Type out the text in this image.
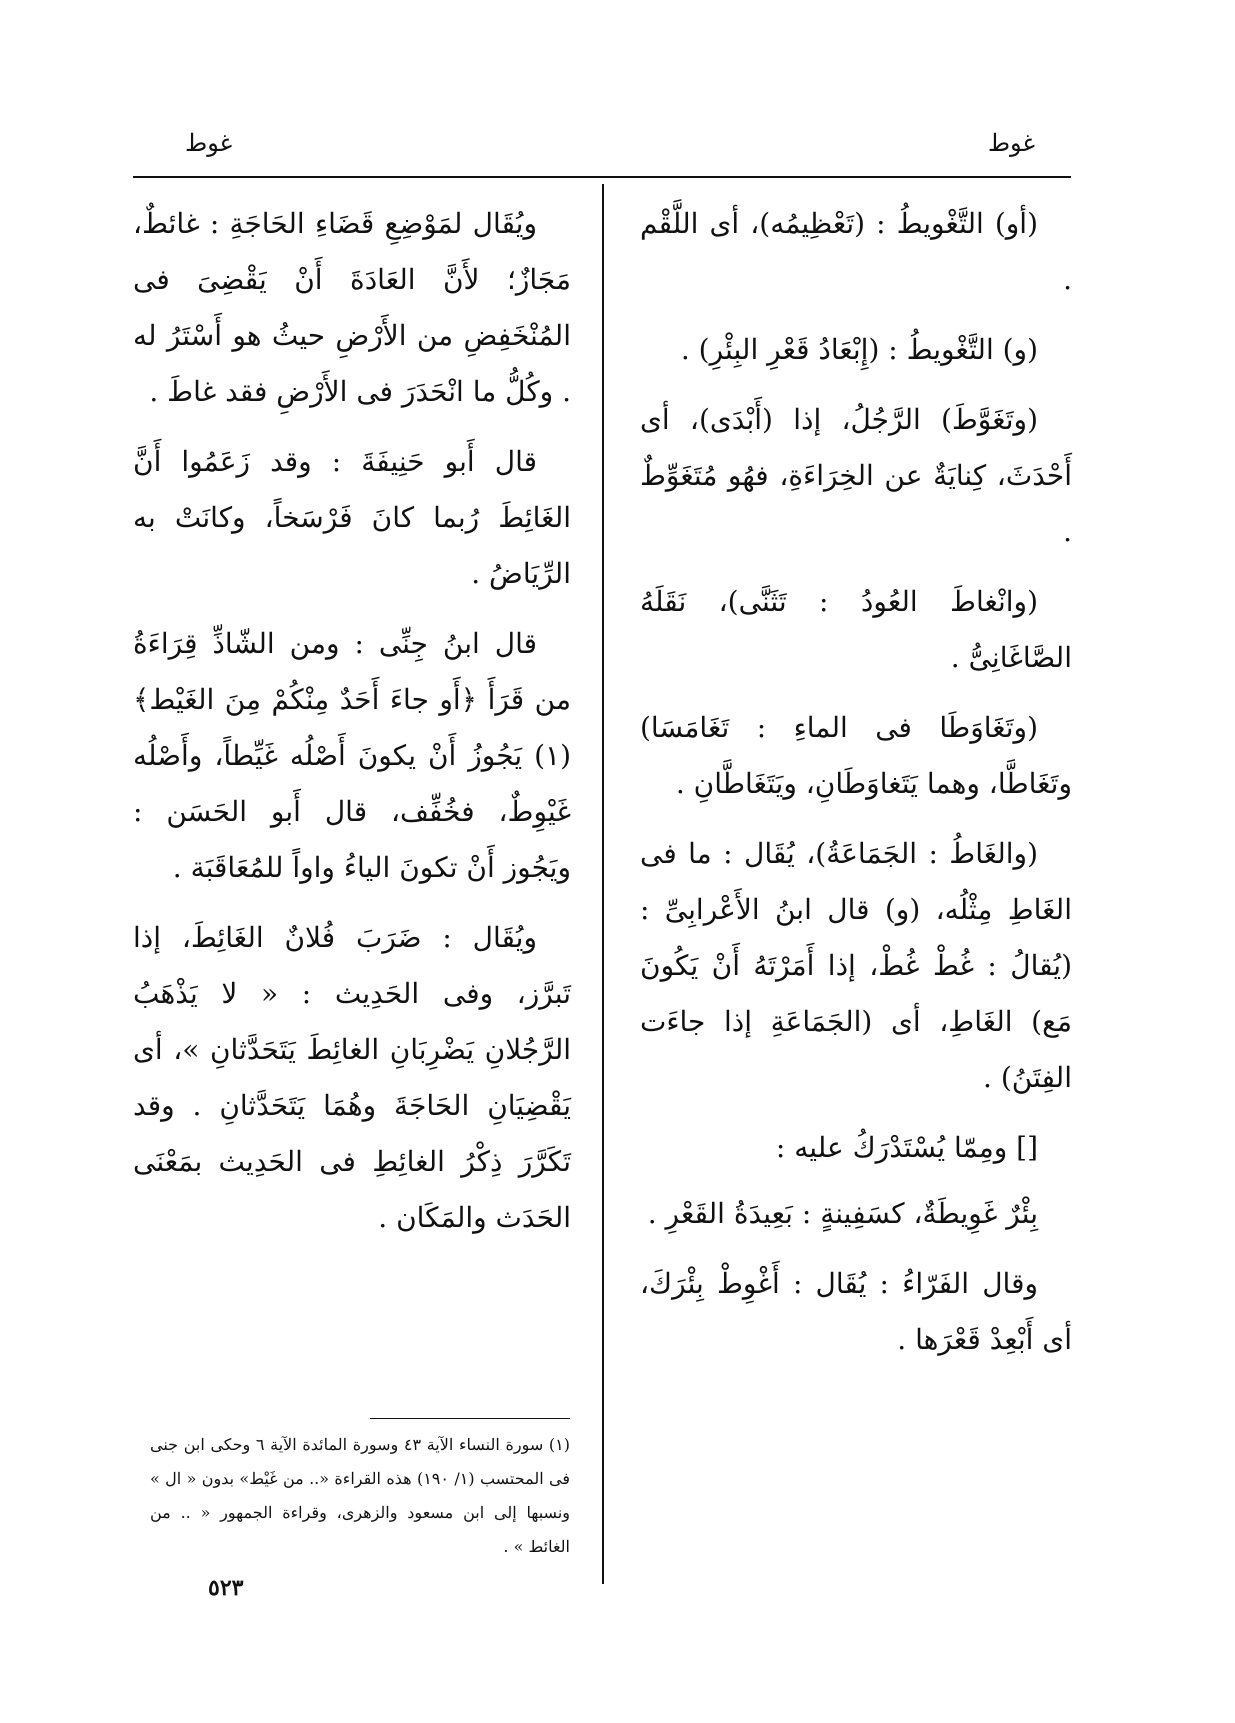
غوط
غوط

(أو) التَّغْويطُ : (تَعْظِيمُه)، أى اللَّقْم .

(و) التَّغْويطُ : (إِبْعَادُ قَعْرِ البِئْرِ) .

(وتَغَوَّطَ) الرَّجُلُ، إذا (أَبْدَى)، أى أَحْدَثَ، كِنايَةٌ عن الخِرَاءَةِ، فهُو مُتَغَوِّطٌ .

(وانْغاطَ العُودُ : تَثَنَّى)، نَقَلَهُ الصَّاغَانِىُّ .

(وتَغَاوَطَا فى الماءِ : تَغَامَسَا) وتَغَاطَّا، وهما يَتَغاوَطَانِ، ويَتَغَاطَّانِ .

(والغَاطُ : الجَمَاعَةُ)، يُقَال : ما فى الغَاطِ مِثْلُه، (و) قال ابنُ الأَعْرابِىِّ : (يُقالُ : غُطْ غُطْ، إذا أَمَرْتَهُ أَنْ يَكُونَ مَع) الغَاطِ، أى (الجَمَاعَةِ إذا جاءَت الفِتَنُ) .

[] ومِمّا يُسْتَدْرَكُ عليه :

بِئْرٌ غَوِيطَةٌ، كسَفِينةٍ : بَعِيدَةُ القَعْرِ .

وقال الفَرّاءُ : يُقَال : أَغْوِطْ بِئْرَكَ، أى أَبْعِدْ قَعْرَها .

ويُقَال لمَوْضِعِ قَضَاءِ الحَاجَةِ : غائطٌ، مَجَازٌ؛ لأَنَّ العَادَةَ أَنْ يَقْضِىَ فى المُنْخَفِضِ من الأَرْضِ حيثُ هو أَسْتَرُ له . وكُلُّ ما انْحَدَرَ فى الأَرْضِ فقد غاطَ .

قال أَبو حَنِيفَةَ : وقد زَعَمُوا أَنَّ الغَائِطَ رُبما كانَ فَرْسَخاً، وكانَتْ به الرِّيَاضُ .

قال ابنُ جِنِّى : ومن الشّاذِّ قِرَاءَةُ من قَرَأَ ﴿أَو جاءَ أَحَدٌ مِنْكُمْ مِنَ الغَيْط﴾ (١) يَجُوزُ أَنْ يكونَ أَصْلُه غَيِّطاً، وأَصْلُه غَيْوِطٌ، فخُفِّف، قال أَبو الحَسَن : ويَجُوز أَنْ تكونَ الياءُ واواً للمُعَاقَبَة .

ويُقَال : ضَرَبَ فُلانٌ الغَائِطَ، إذا تَبرَّز، وفى الحَدِيث : « لا يَذْهَبُ الرَّجُلانِ يَضْرِبَانِ الغائِطَ يَتَحَدَّثانِ »، أى يَقْضِيَانِ الحَاجَةَ وهُمَا يَتَحَدَّثانِ . وقد تَكَرَّرَ ذِكْرُ الغائِطِ فى الحَدِيث بمَعْنَى الحَدَث والمَكَان .

(١) سورة النساء الآية ٤٣ وسورة المائدة الآية ٦ وحكى ابن جنى فى المحتسب (١/ ١٩٠) هذه القراءة «.. من غَيْط» بدون « ال » ونسبها إلى ابن مسعود والزهرى، وقراءة الجمهور « .. من الغائط » .
٥٢٣
